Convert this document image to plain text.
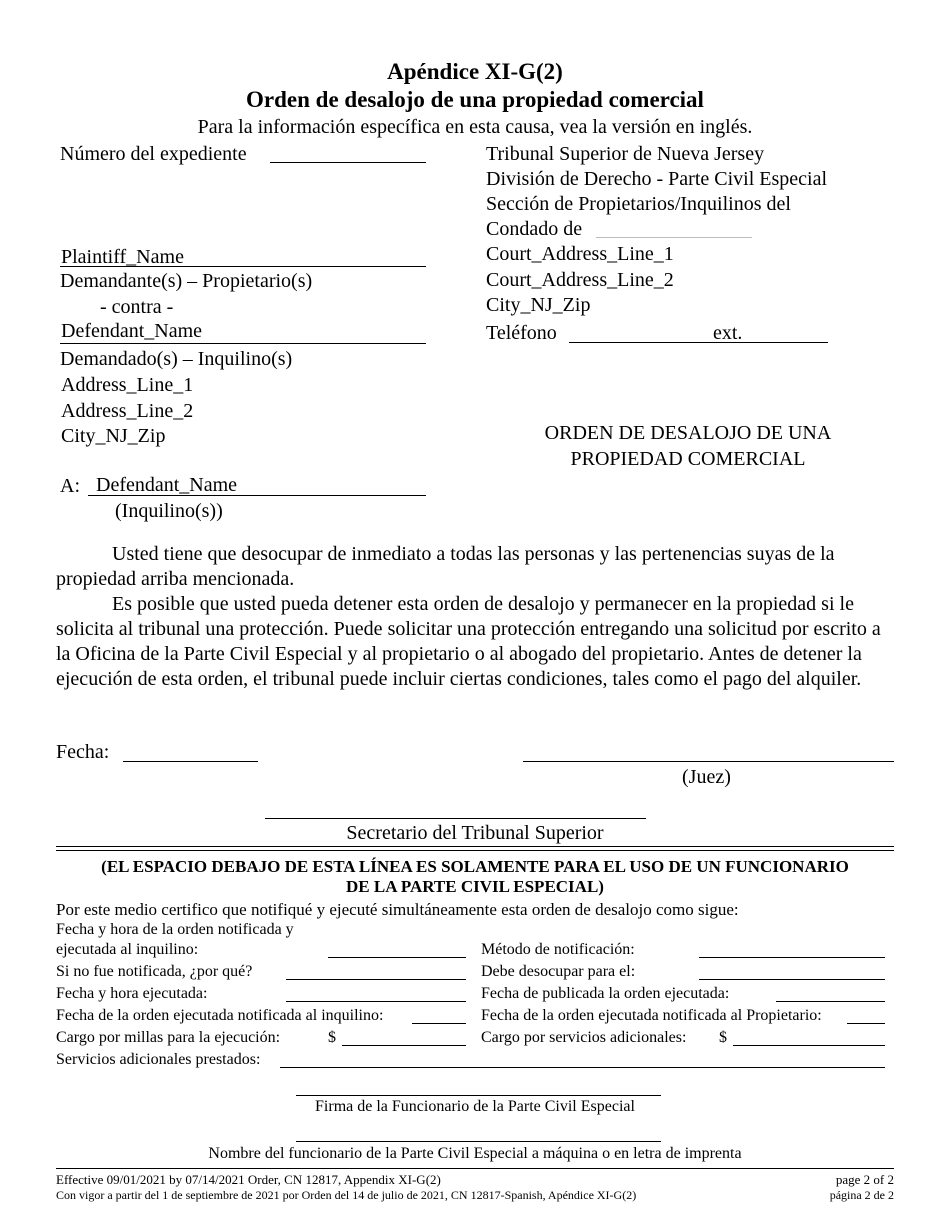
Apéndice XI-G(2)
Orden de desalojo de una propiedad comercial
Para la información específica en esta causa, vea la versión en inglés.
Número del expediente
Plaintiff_Name
Demandante(s) – Propietario(s)
- contra -
Defendant_Name
Demandado(s) – Inquilino(s)
Address_Line_1
Address_Line_2
City_NJ_Zip
A: Defendant_Name
(Inquilino(s))
Tribunal Superior de Nueva Jersey
División de Derecho - Parte Civil Especial
Sección de Propietarios/Inquilinos del
Condado de
Court_Address_Line_1
Court_Address_Line_2
City_NJ_Zip
Teléfono	ext.
ORDEN DE DESALOJO DE UNA
PROPIEDAD COMERCIAL
Usted tiene que desocupar de inmediato a todas las personas y las pertenencias suyas de la propiedad arriba mencionada.
Es posible que usted pueda detener esta orden de desalojo y permanecer en la propiedad si le solicita al tribunal una protección. Puede solicitar una protección entregando una solicitud por escrito a la Oficina de la Parte Civil Especial y al propietario o al abogado del propietario. Antes de detener la ejecución de esta orden, el tribunal puede incluir ciertas condiciones, tales como el pago del alquiler.
Fecha:
(Juez)
Secretario del Tribunal Superior
(EL ESPACIO DEBAJO DE ESTA LÍNEA ES SOLAMENTE PARA EL USO DE UN FUNCIONARIO
DE LA PARTE CIVIL ESPECIAL)
Por este medio certifico que notifiqué y ejecuté simultáneamente esta orden de desalojo como sigue:
Fecha y hora de la orden notificada y
ejecutada al inquilino:	Método de notificación:
Si no fue notificada, ¿por qué?	Debe desocupar para el:
Fecha y hora ejecutada:	Fecha de publicada la orden ejecutada:
Fecha de la orden ejecutada notificada al inquilino:	Fecha de la orden ejecutada notificada al Propietario:
Cargo por millas para la ejecución:	$	Cargo por servicios adicionales: $
Servicios adicionales prestados:
Firma de la Funcionario de la Parte Civil Especial
Nombre del funcionario de la Parte Civil Especial a máquina o en letra de imprenta
Effective 09/01/2021 by 07/14/2021 Order, CN 12817, Appendix XI-G(2)
Con vigor a partir del 1 de septiembre de 2021 por Orden del 14 de julio de 2021, CN 12817-Spanish, Apéndice XI-G(2)
page 2 of 2
página 2 de 2
